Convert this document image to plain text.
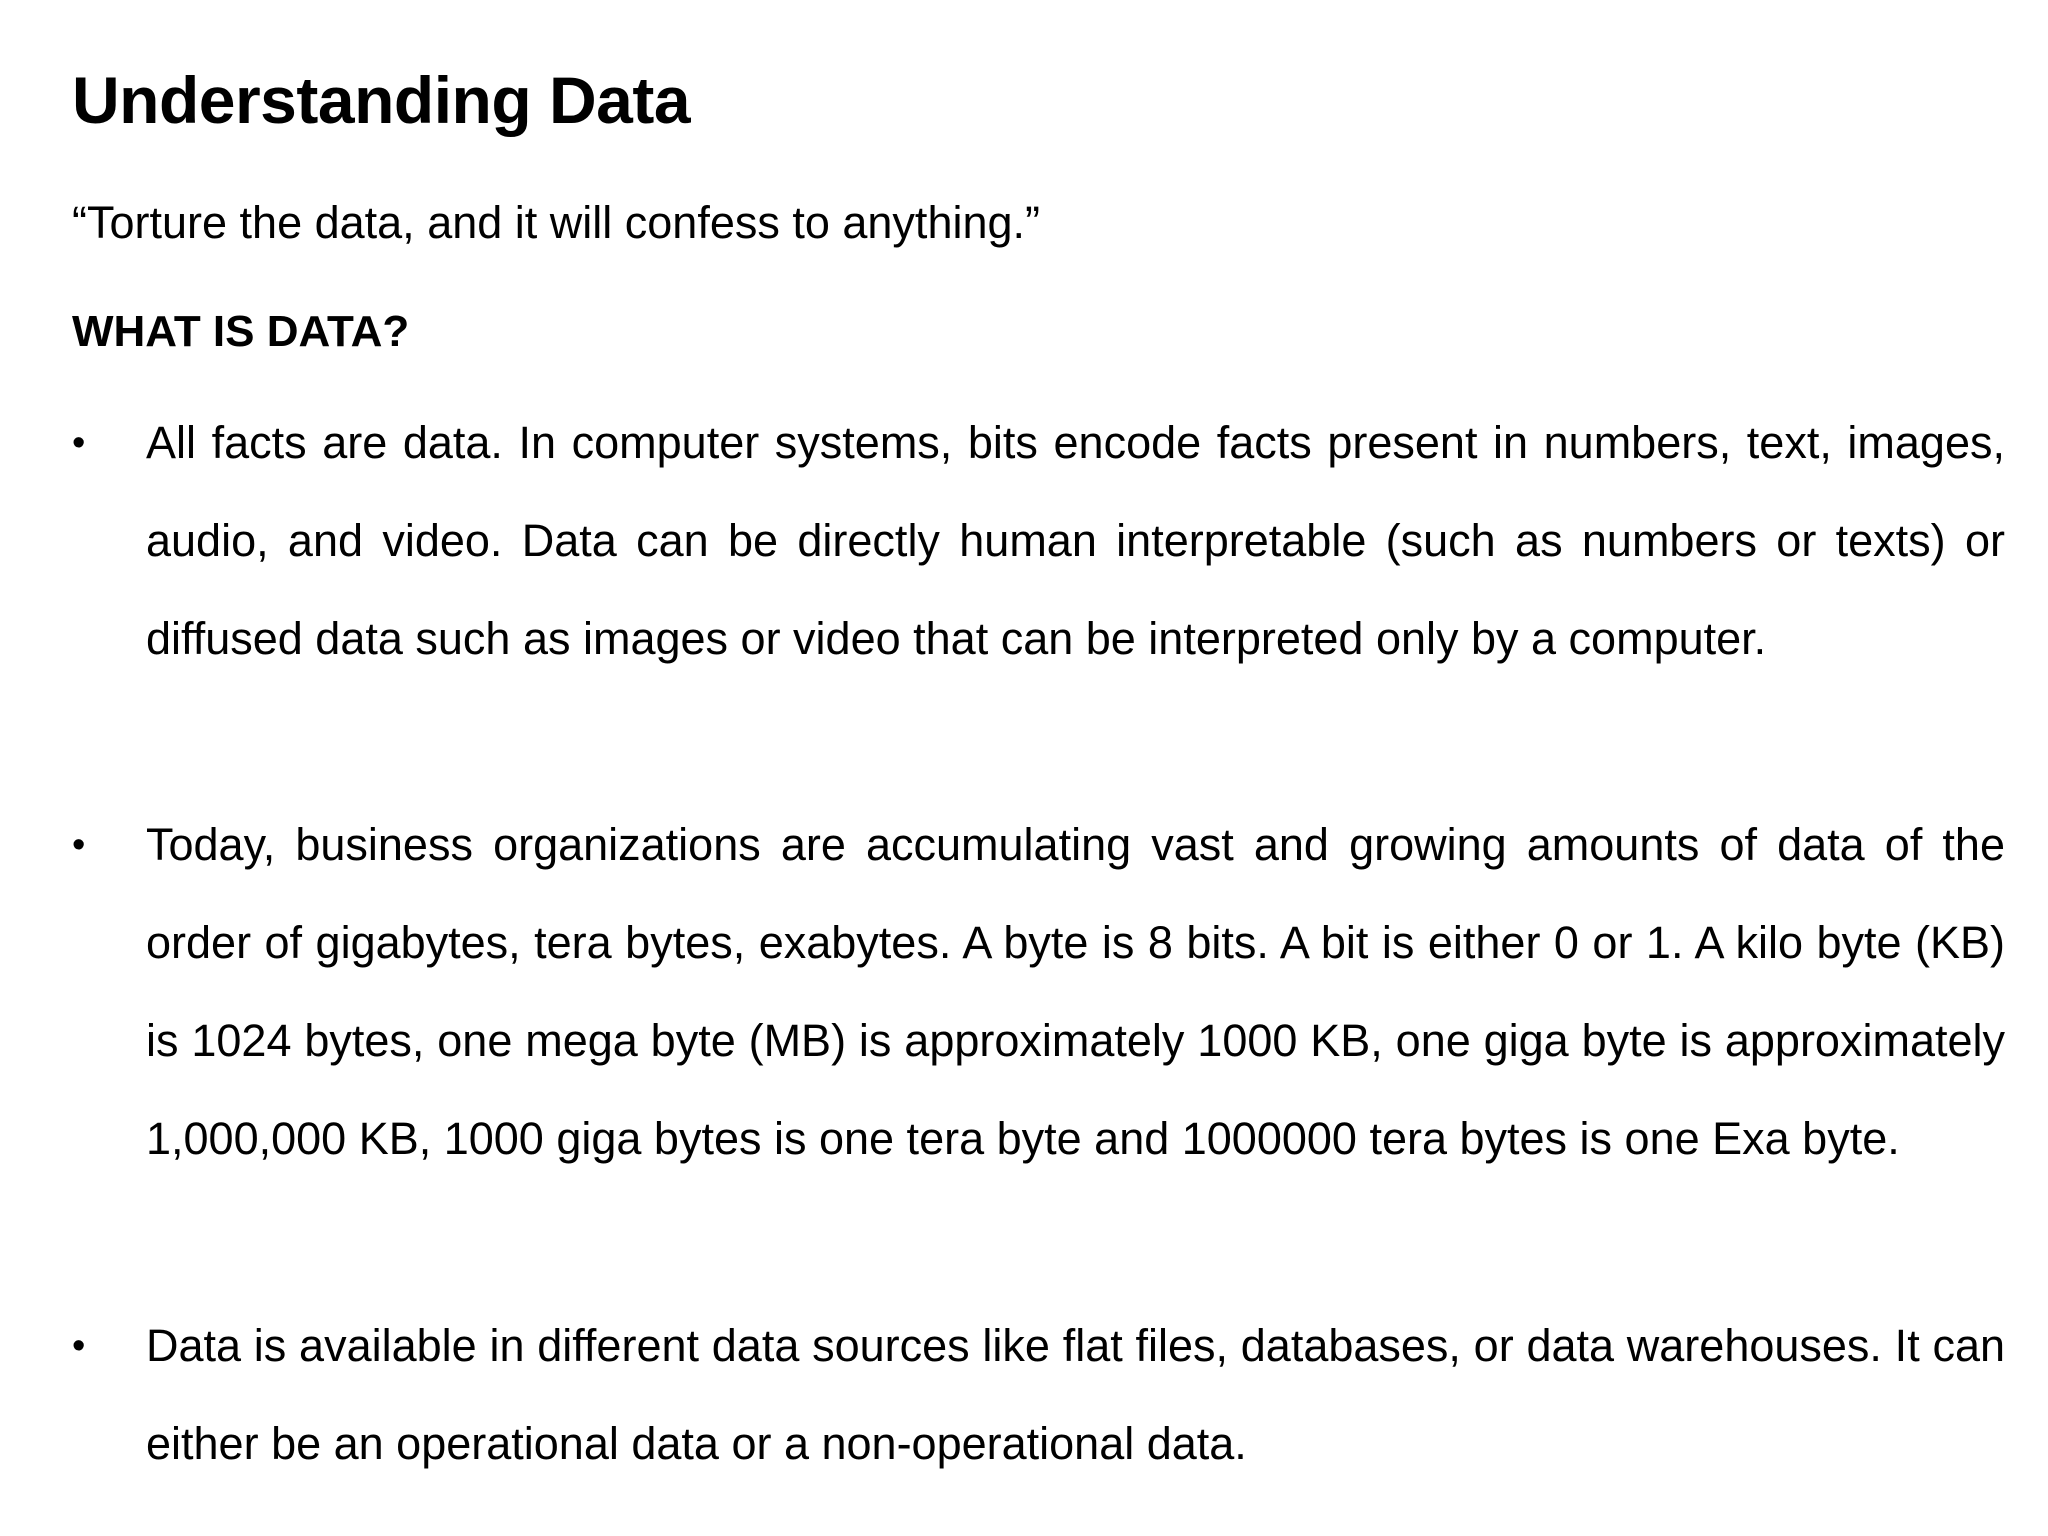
Understanding Data

“Torture the data, and it will confess to anything.”

WHAT IS DATA?
•	All facts are data. In computer systems, bits encode facts present in numbers, text, images, audio, and video. Data can be directly human interpretable (such as numbers or texts) or diffused data such as images or video that can be interpreted only by a computer.

•	Today, business organizations are accumulating vast and growing amounts of data of the order of gigabytes, tera bytes, exabytes. A byte is 8 bits. A bit is either 0 or 1. A kilo byte (KB) is 1024 bytes, one mega byte (MB) is approximately 1000 KB, one giga byte is approximately 1,000,000 KB, 1000 giga bytes is one tera byte and 1000000 tera bytes is one Exa byte.

•	Data is available in different data sources like flat files, databases, or data warehouses. It can either be an operational data or a non-operational data.
